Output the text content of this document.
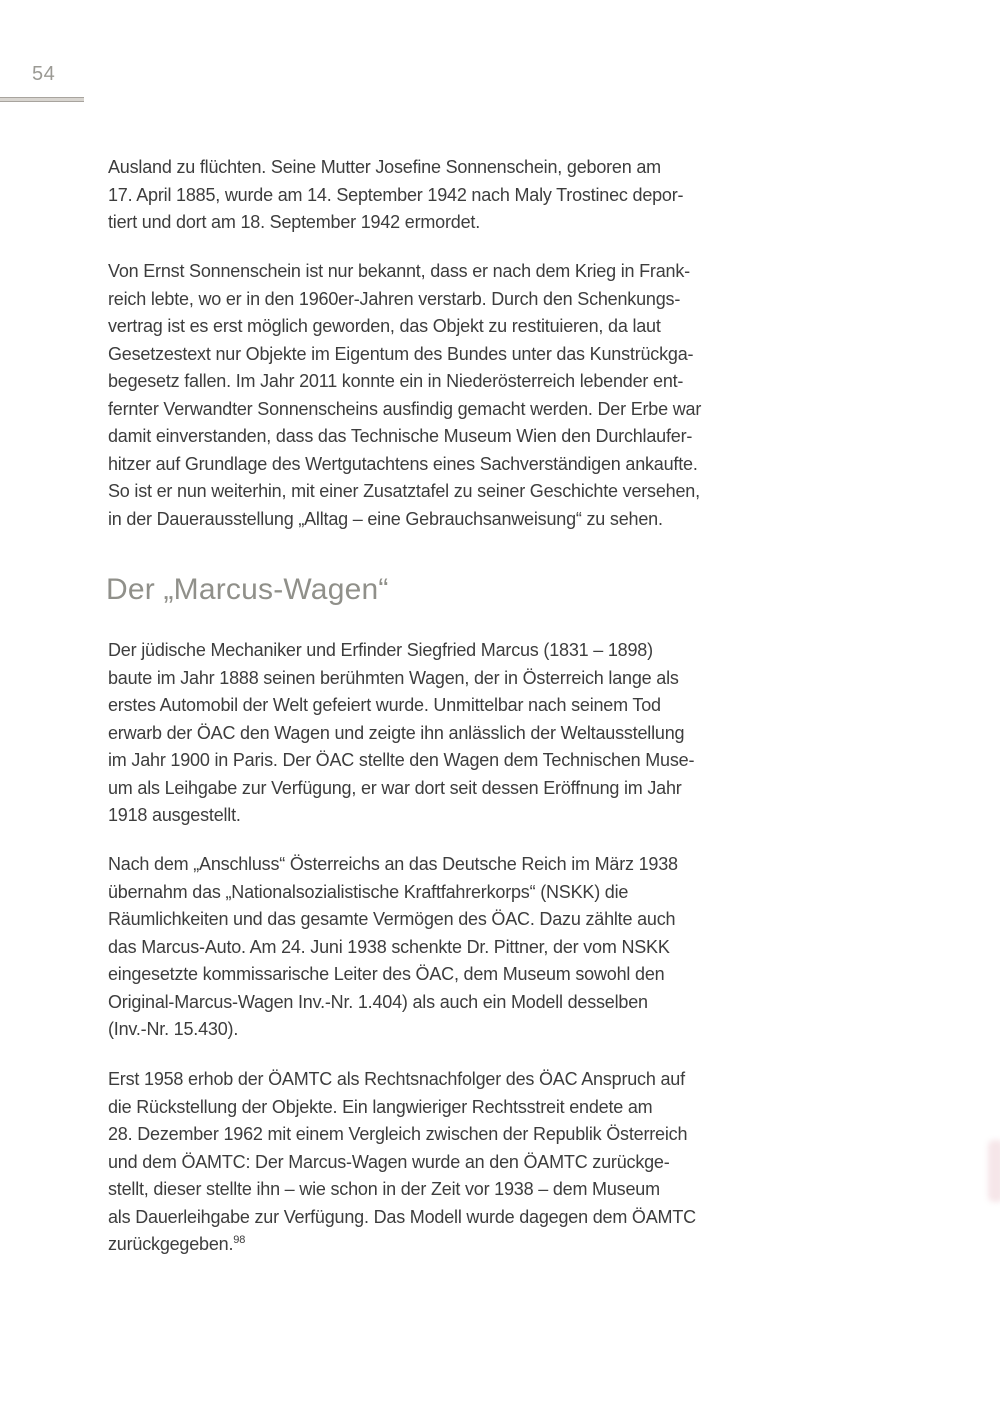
54

Ausland zu flüchten. Seine Mutter Josefine Sonnenschein, geboren am
17. April 1885, wurde am 14. September 1942 nach Maly Trostinec depor-
tiert und dort am 18. September 1942 ermordet.

Von Ernst Sonnenschein ist nur bekannt, dass er nach dem Krieg in Frank-
reich lebte, wo er in den 1960er-Jahren verstarb. Durch den Schenkungs-
vertrag ist es erst möglich geworden, das Objekt zu restituieren, da laut
Gesetzestext nur Objekte im Eigentum des Bundes unter das Kunstrückga-
begesetz fallen. Im Jahr 2011 konnte ein in Niederösterreich lebender ent-
fernter Verwandter Sonnenscheins ausfindig gemacht werden. Der Erbe war
damit einverstanden, dass das Technische Museum Wien den Durchlaufer-
hitzer auf Grundlage des Wertgutachtens eines Sachverständigen ankaufte.
So ist er nun weiterhin, mit einer Zusatztafel zu seiner Geschichte versehen,
in der Dauerausstellung „Alltag – eine Gebrauchsanweisung“ zu sehen.

Der „Marcus-Wagen“

Der jüdische Mechaniker und Erfinder Siegfried Marcus (1831 – 1898)
baute im Jahr 1888 seinen berühmten Wagen, der in Österreich lange als
erstes Automobil der Welt gefeiert wurde. Unmittelbar nach seinem Tod
erwarb der ÖAC den Wagen und zeigte ihn anlässlich der Weltausstellung
im Jahr 1900 in Paris. Der ÖAC stellte den Wagen dem Technischen Muse-
um als Leihgabe zur Verfügung, er war dort seit dessen Eröffnung im Jahr
1918 ausgestellt.

Nach dem „Anschluss“ Österreichs an das Deutsche Reich im März 1938
übernahm das „Nationalsozialistische Kraftfahrerkorps“ (NSKK) die
Räumlichkeiten und das gesamte Vermögen des ÖAC. Dazu zählte auch
das Marcus-Auto. Am 24. Juni 1938 schenkte Dr. Pittner, der vom NSKK
eingesetzte kommissarische Leiter des ÖAC, dem Museum sowohl den
Original-Marcus-Wagen Inv.-Nr. 1.404) als auch ein Modell desselben
(Inv.-Nr. 15.430).

Erst 1958 erhob der ÖAMTC als Rechtsnachfolger des ÖAC Anspruch auf
die Rückstellung der Objekte. Ein langwieriger Rechtsstreit endete am
28. Dezember 1962 mit einem Vergleich zwischen der Republik Österreich
und dem ÖAMTC: Der Marcus-Wagen wurde an den ÖAMTC zurückge-
stellt, dieser stellte ihn – wie schon in der Zeit vor 1938 – dem Museum
als Dauerleihgabe zur Verfügung. Das Modell wurde dagegen dem ÖAMTC
zurückgegeben.$^{98}$
